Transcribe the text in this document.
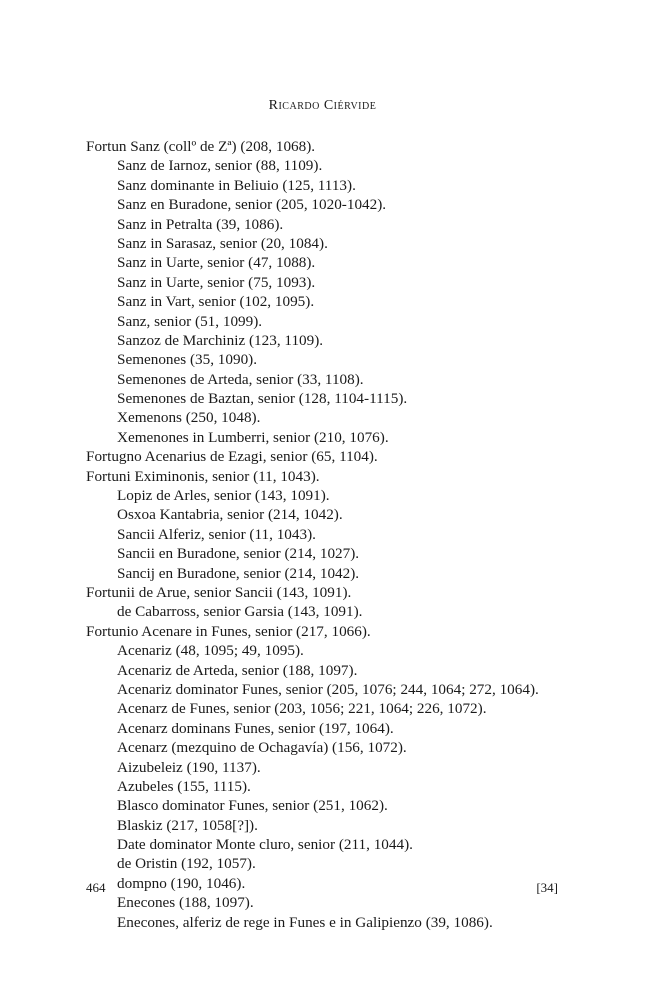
Ricardo Ciérvide
Fortun Sanz (collº de Zª) (208, 1068).
Sanz de Iarnoz, senior (88, 1109).
Sanz dominante in Beliuio (125, 1113).
Sanz en Buradone, senior (205, 1020-1042).
Sanz in Petralta (39, 1086).
Sanz in Sarasaz, senior (20, 1084).
Sanz in Uarte, senior (47, 1088).
Sanz in Uarte, senior (75, 1093).
Sanz in Vart, senior (102, 1095).
Sanz, senior (51, 1099).
Sanzoz de Marchiniz (123, 1109).
Semenones (35, 1090).
Semenones de Arteda, senior (33, 1108).
Semenones de Baztan, senior (128, 1104-1115).
Xemenons (250, 1048).
Xemenones in Lumberri, senior (210, 1076).
Fortugno Acenarius de Ezagi, senior (65, 1104).
Fortuni Eximinonis, senior (11, 1043).
Lopiz de Arles, senior (143, 1091).
Osxoa Kantabria, senior (214, 1042).
Sancii Alferiz, senior (11, 1043).
Sancii en Buradone, senior (214, 1027).
Sancij en Buradone, senior (214, 1042).
Fortunii de Arue, senior Sancii (143, 1091).
de Cabarross, senior Garsia (143, 1091).
Fortunio Acenare in Funes, senior (217, 1066).
Acenariz (48, 1095; 49, 1095).
Acenariz de Arteda, senior (188, 1097).
Acenariz dominator Funes, senior (205, 1076; 244, 1064; 272, 1064).
Acenarz de Funes, senior (203, 1056; 221, 1064; 226, 1072).
Acenarz dominans Funes, senior (197, 1064).
Acenarz (mezquino de Ochagavía) (156, 1072).
Aizubeleiz (190, 1137).
Azubeles (155, 1115).
Blasco dominator Funes, senior (251, 1062).
Blaskiz (217, 1058[?]).
Date dominator Monte cluro, senior (211, 1044).
de Oristin (192, 1057).
dompno (190, 1046).
Enecones (188, 1097).
Enecones, alferiz de rege in Funes e in Galipienzo (39, 1086).
464	[34]
